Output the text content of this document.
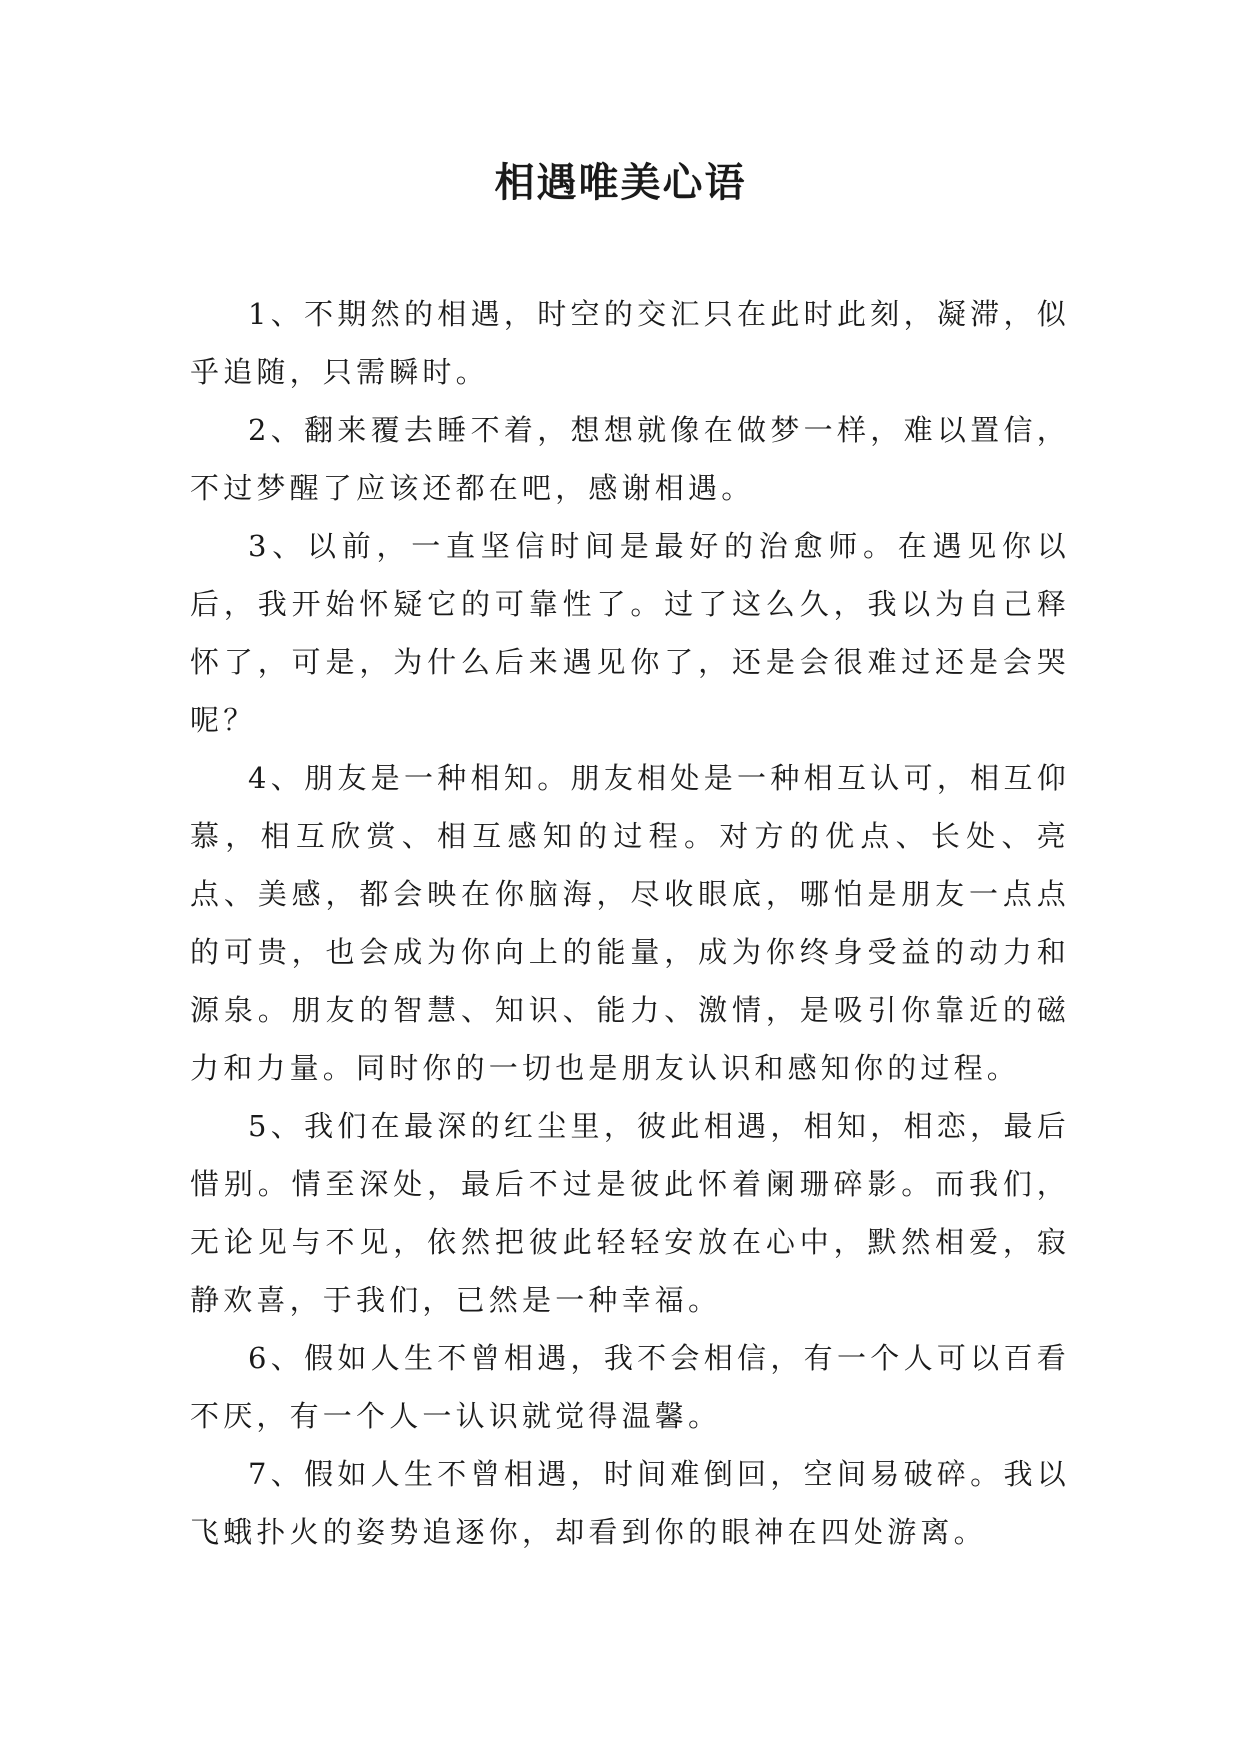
相遇唯美心语

1、不期然的相遇，时空的交汇只在此时此刻，凝滞，似乎追随，只需瞬时。

2、翻来覆去睡不着，想想就像在做梦一样，难以置信，不过梦醒了应该还都在吧，感谢相遇。

3、以前，一直坚信时间是最好的治愈师。在遇见你以后，我开始怀疑它的可靠性了。过了这么久，我以为自己释怀了，可是，为什么后来遇见你了，还是会很难过还是会哭呢？

4、朋友是一种相知。朋友相处是一种相互认可，相互仰慕，相互欣赏、相互感知的过程。对方的优点、长处、亮点、美感，都会映在你脑海，尽收眼底，哪怕是朋友一点点的可贵，也会成为你向上的能量，成为你终身受益的动力和源泉。朋友的智慧、知识、能力、激情，是吸引你靠近的磁力和力量。同时你的一切也是朋友认识和感知你的过程。

5、我们在最深的红尘里，彼此相遇，相知，相恋，最后惜别。情至深处，最后不过是彼此怀着阑珊碎影。而我们，无论见与不见，依然把彼此轻轻安放在心中，默然相爱，寂静欢喜，于我们，已然是一种幸福。

6、假如人生不曾相遇，我不会相信，有一个人可以百看不厌，有一个人一认识就觉得温馨。

7、假如人生不曾相遇，时间难倒回，空间易破碎。我以飞蛾扑火的姿势追逐你，却看到你的眼神在四处游离。
